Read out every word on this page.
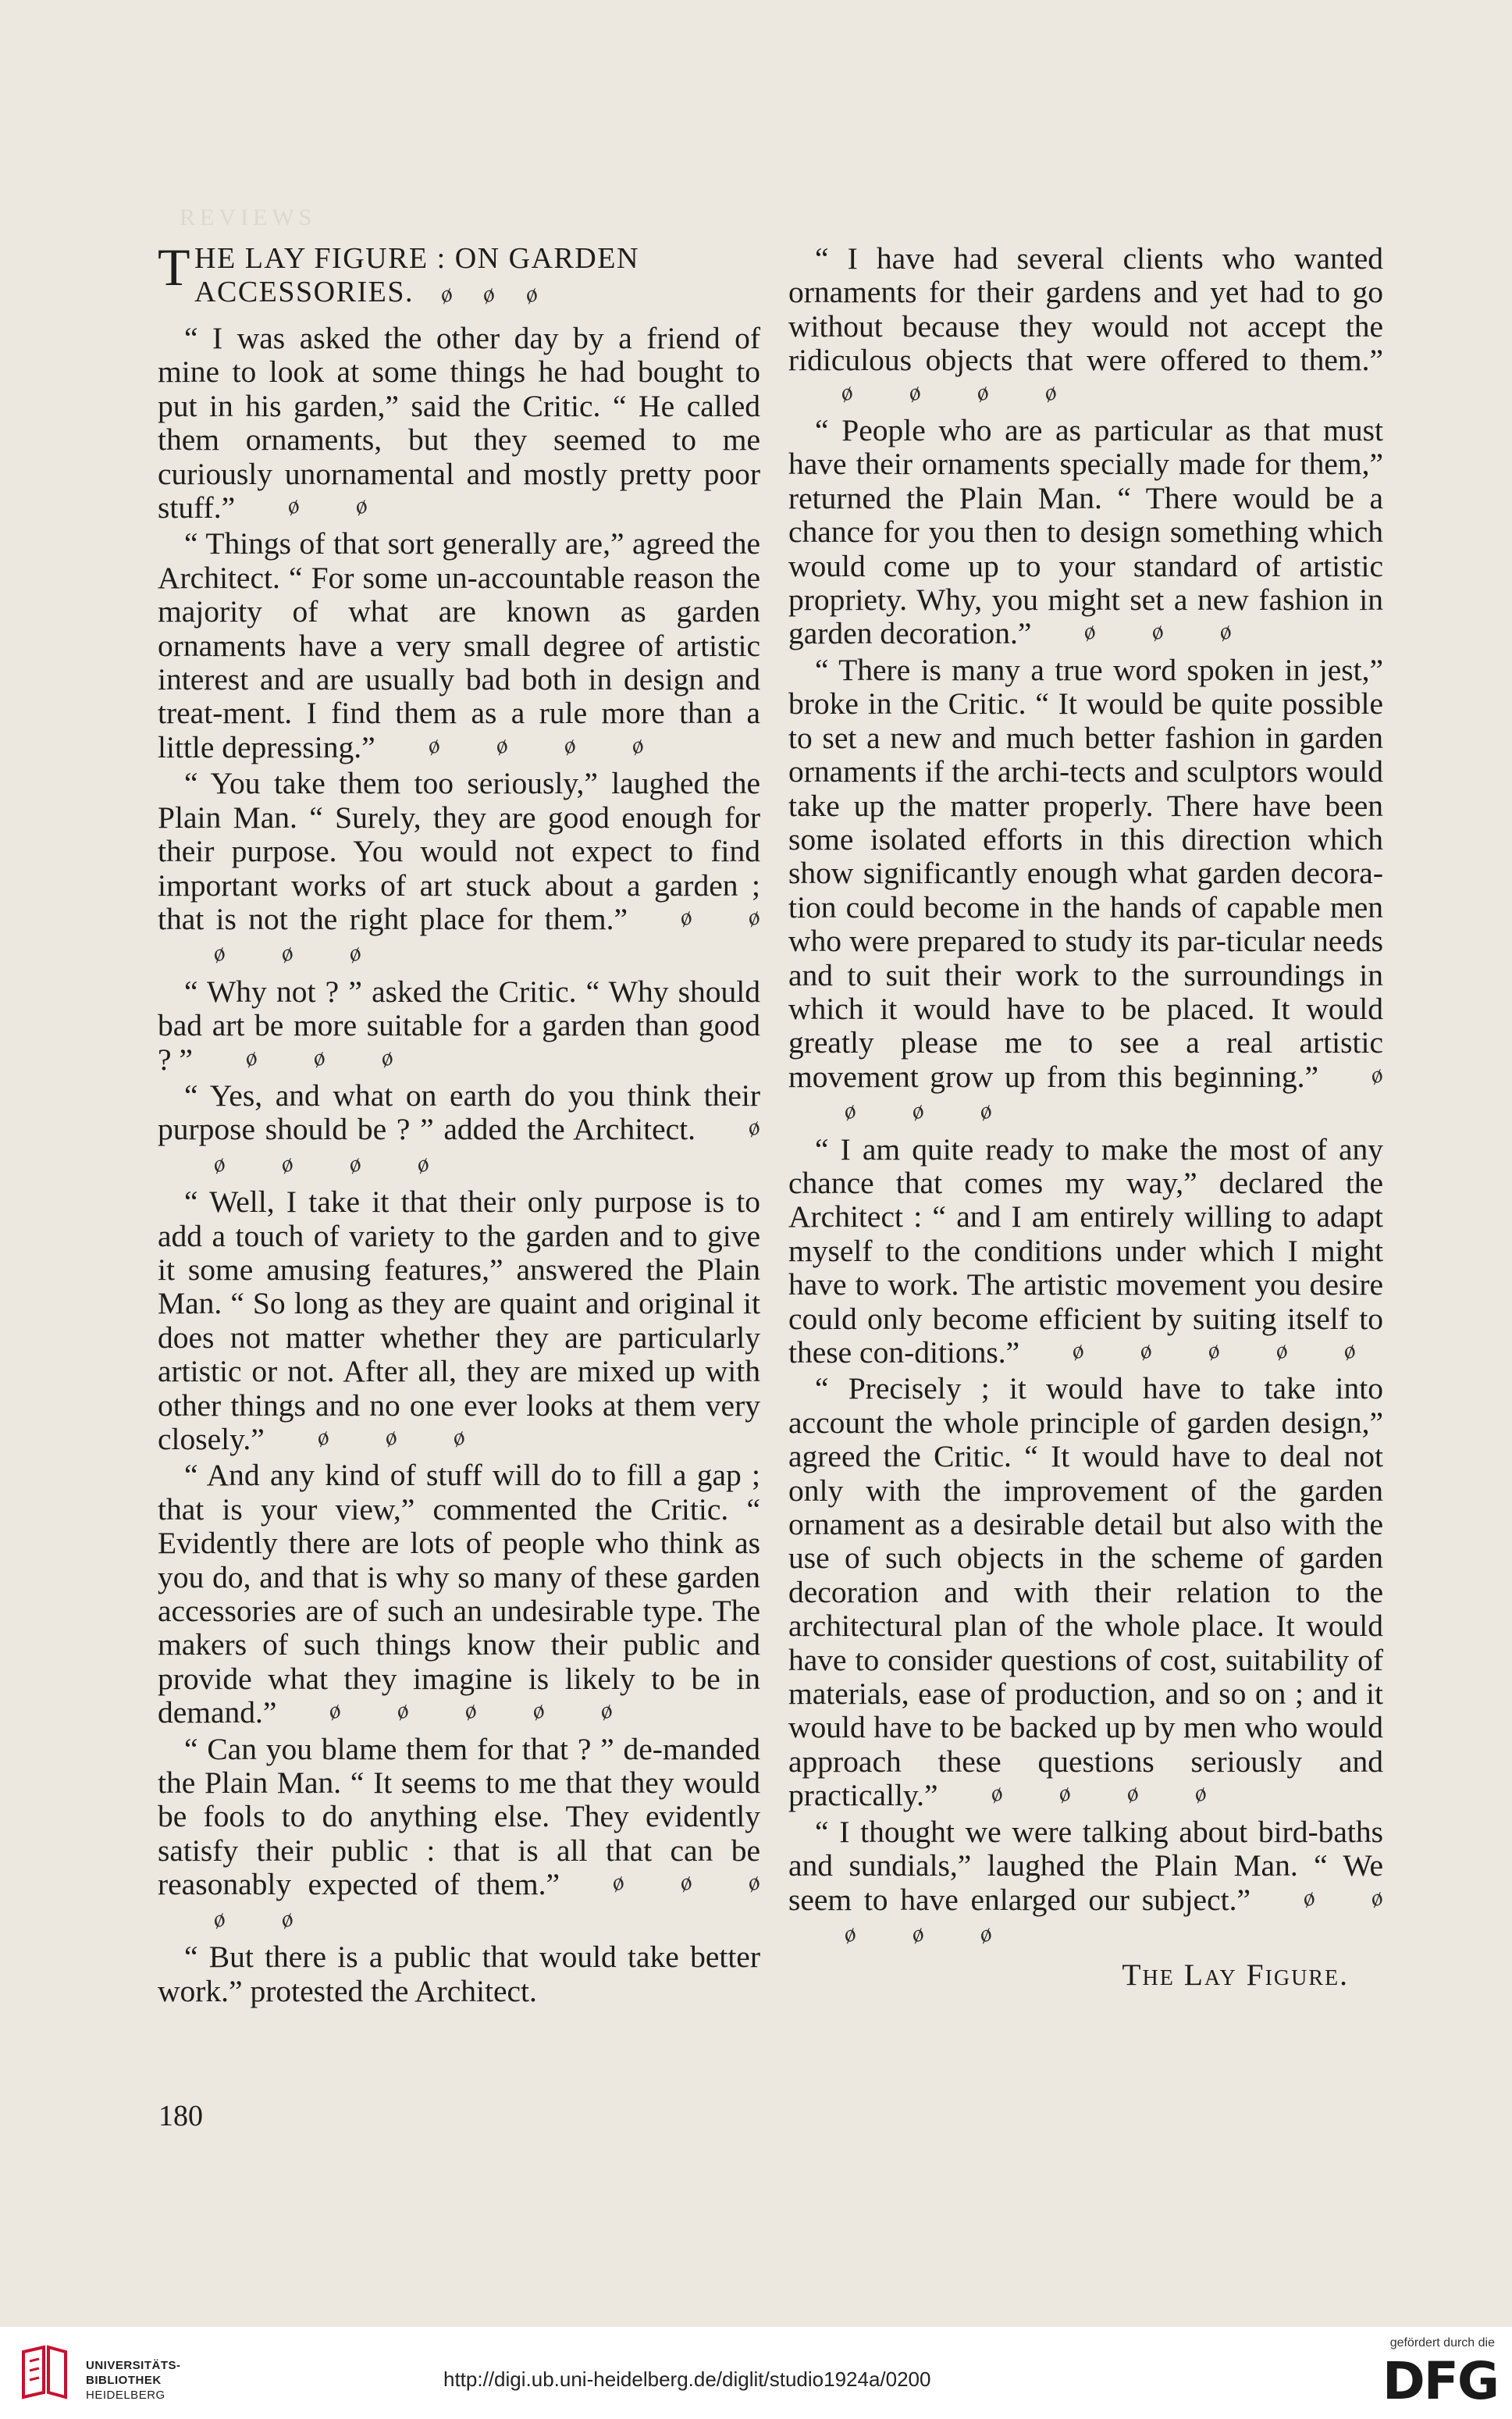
REVIEWS

THE LAY FIGURE : ON GARDEN
ACCESSORIES. ø ø ø

“ I was asked the other day by a friend of mine to look at some things he had bought to put in his garden,” said the Critic. “ He called them ornaments, but they seemed to me curiously unornamental and mostly pretty poor stuff.” ø ø

“ Things of that sort generally are,” agreed the Architect. “ For some un-accountable reason the majority of what are known as garden ornaments have a very small degree of artistic interest and are usually bad both in design and treat-ment. I find them as a rule more than a little depressing.” ø ø ø ø

“ You take them too seriously,” laughed the Plain Man. “ Surely, they are good enough for their purpose. You would not expect to find important works of art stuck about a garden ; that is not the right place for them.” ø øø ø ø

“ Why not ? ” asked the Critic. “ Why should bad art be more suitable for a garden than good ? ” ø ø ø

“ Yes, and what on earth do you think their purpose should be ? ” added the Architect. øø ø ø ø

“ Well, I take it that their only purpose is to add a touch of variety to the garden and to give it some amusing features,” answered the Plain Man. “ So long as they are quaint and original it does not matter whether they are particularly artistic or not. After all, they are mixed up with other things and no one ever looks at them very closely.” ø ø ø

“ And any kind of stuff will do to fill a gap ; that is your view,” commented the Critic. “ Evidently there are lots of people who think as you do, and that is why so many of these garden accessories are of such an undesirable type. The makers of such things know their public and provide what they imagine is likely to be in demand.” ø ø ø ø ø

“ Can you blame them for that ? ” de-manded the Plain Man. “ It seems to me that they would be fools to do anything else. They evidently satisfy their public : that is all that can be reasonably expected of them.” ø ø øø ø

“ But there is a public that would take better work.” protested the Architect.

“ I have had several clients who wanted ornaments for their gardens and yet had to go without because they would not accept the ridiculous objects that were offered to them.”ø ø ø ø

“ People who are as particular as that must have their ornaments specially made for them,” returned the Plain Man. “ There would be a chance for you then to design something which would come up to your standard of artistic propriety. Why, you might set a new fashion in garden decoration.” ø ø ø

“ There is many a true word spoken in jest,” broke in the Critic. “ It would be quite possible to set a new and much better fashion in garden ornaments if the archi-tects and sculptors would take up the matter properly. There have been some isolated efforts in this direction which show significantly enough what garden decora-tion could become in the hands of capable men who were prepared to study its par-ticular needs and to suit their work to the surroundings in which it would have to be placed. It would greatly please me to see a real artistic movement grow up from this beginning.” øø ø ø

“ I am quite ready to make the most of any chance that comes my way,” declared the Architect : “ and I am entirely willing to adapt myself to the conditions under which I might have to work. The artistic movement you desire could only become efficient by suiting itself to these con-ditions.” ø ø ø ø ø

“ Precisely ; it would have to take into account the whole principle of garden design,” agreed the Critic. “ It would have to deal not only with the improvement of the garden ornament as a desirable detail but also with the use of such objects in the scheme of garden decoration and with their relation to the architectural plan of the whole place. It would have to consider questions of cost, suitability of materials, ease of production, and so on ; and it would have to be backed up by men who would approach these questions seriously and practically.” ø ø ø ø

“ I thought we were talking about bird-baths and sundials,” laughed the Plain Man. “ We seem to have enlarged our subject.” ø øø ø ø

The Lay Figure.

180
UNIVERSITÄTS-
BIBLIOTHEK
HEIDELBERG
http://digi.ub.uni-heidelberg.de/diglit/studio1924a/0200
gefördert durch die
DFG
